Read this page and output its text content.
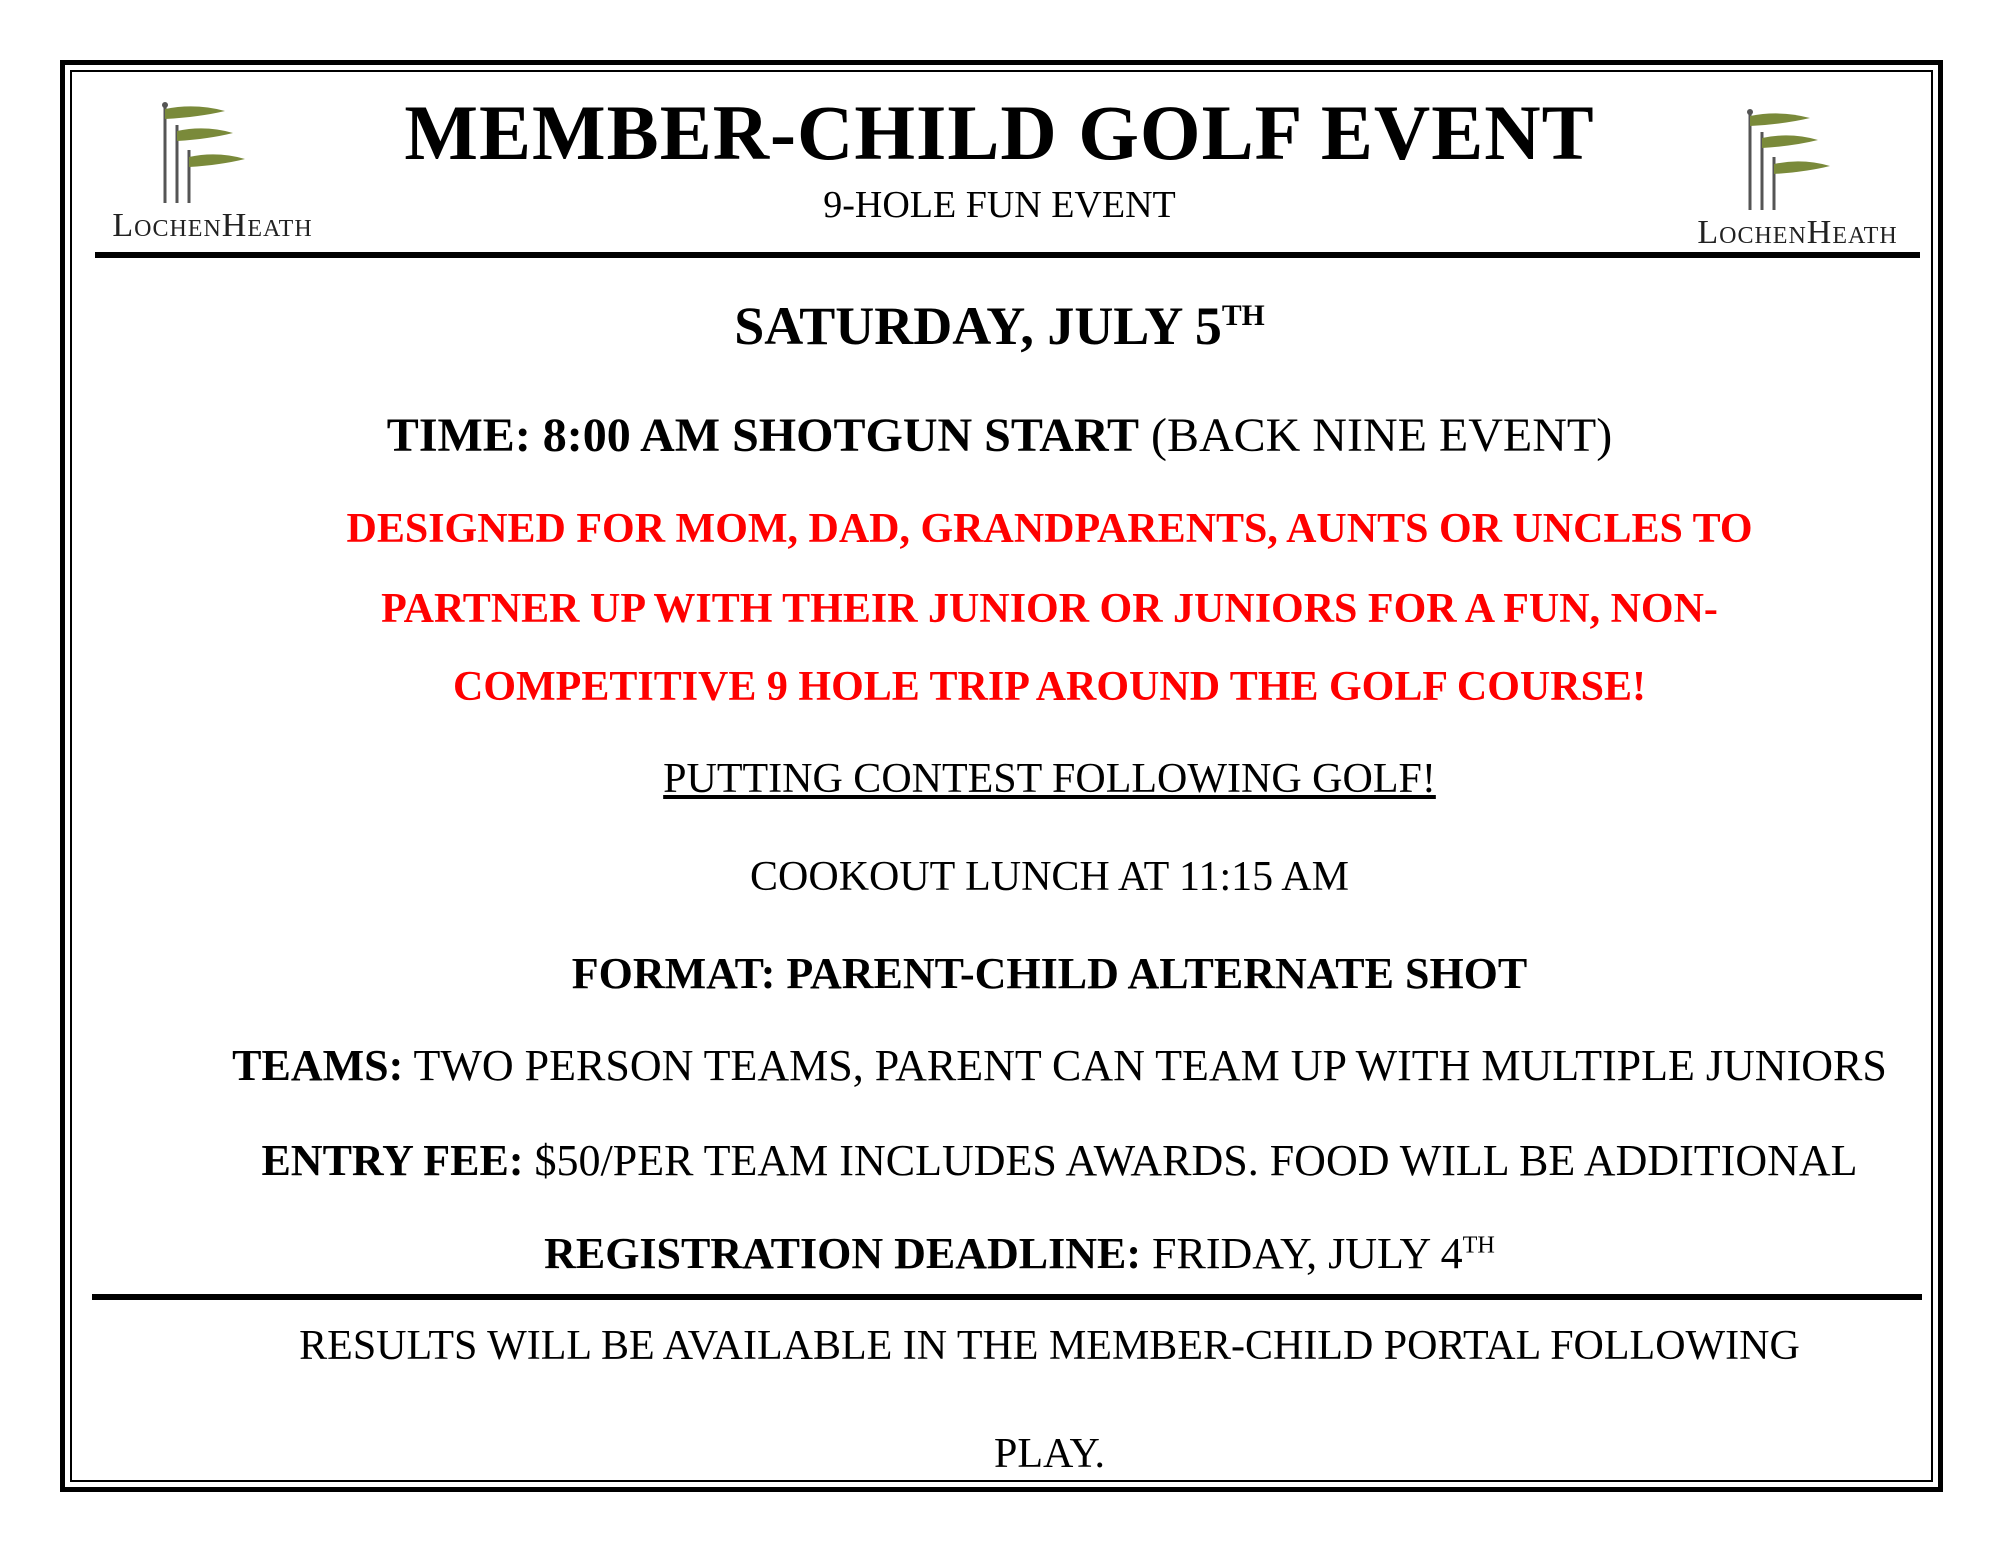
LochenHeath	LochenHeath
MEMBER-CHILD GOLF EVENT
9-HOLE FUN EVENT
SATURDAY, JULY 5TH
TIME: 8:00 AM SHOTGUN START (BACK NINE EVENT)
DESIGNED FOR MOM, DAD, GRANDPARENTS, AUNTS OR UNCLES TO
PARTNER UP WITH THEIR JUNIOR OR JUNIORS FOR A FUN, NON-
COMPETITIVE 9 HOLE TRIP AROUND THE GOLF COURSE!
PUTTING CONTEST FOLLOWING GOLF!
COOKOUT LUNCH AT 11:15 AM
FORMAT: PARENT-CHILD ALTERNATE SHOT
TEAMS: TWO PERSON TEAMS, PARENT CAN TEAM UP WITH MULTIPLE JUNIORS
ENTRY FEE: $50/PER TEAM INCLUDES AWARDS. FOOD WILL BE ADDITIONAL
REGISTRATION DEADLINE: FRIDAY, JULY 4TH
RESULTS WILL BE AVAILABLE IN THE MEMBER-CHILD PORTAL FOLLOWING
PLAY.
